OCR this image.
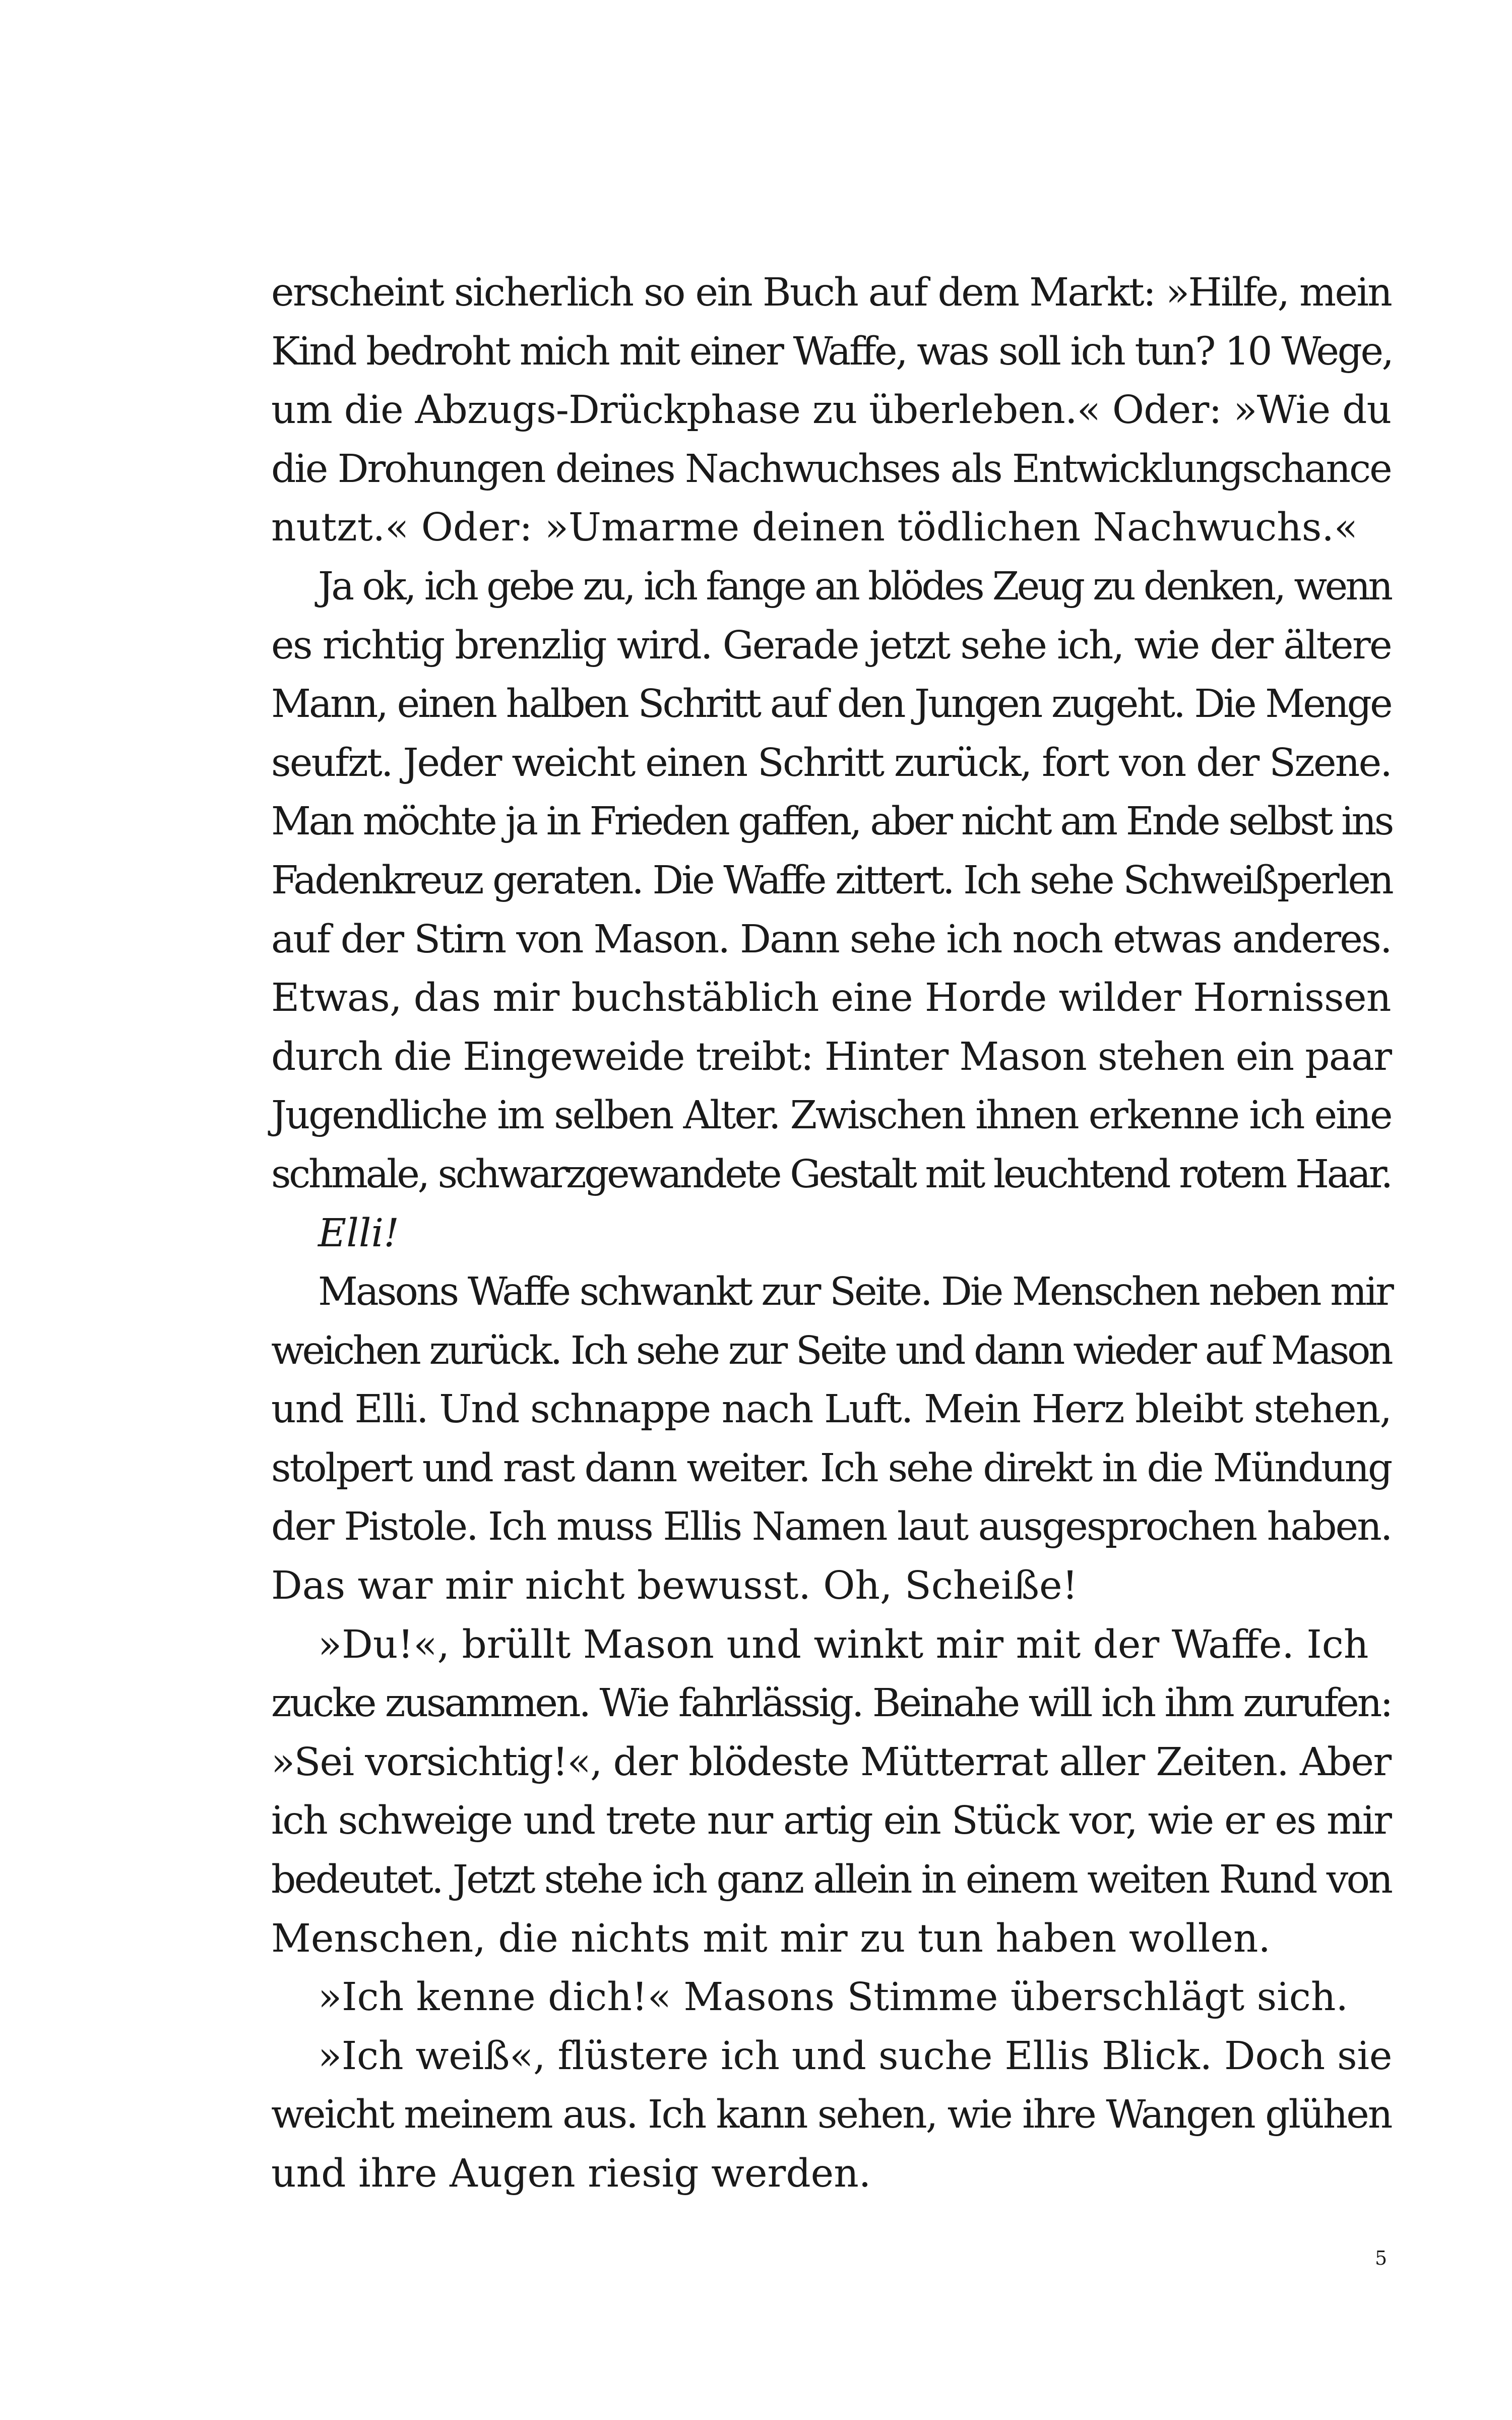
erscheint sicherlich so ein Buch auf dem Markt: »Hilfe, mein
Kind bedroht mich mit einer Waffe, was soll ich tun? 10 Wege,
um die Abzugs-Drückphase zu überleben.« Oder: »Wie du
die Drohungen deines Nachwuchses als Entwicklungschance
nutzt.« Oder: »Umarme deinen tödlichen Nachwuchs.«
Ja ok, ich gebe zu, ich fange an blödes Zeug zu denken, wenn
es richtig brenzlig wird. Gerade jetzt sehe ich, wie der ältere
Mann, einen halben Schritt auf den Jungen zugeht. Die Menge
seufzt. Jeder weicht einen Schritt zurück, fort von der Szene.
Man möchte ja in Frieden gaffen, aber nicht am Ende selbst ins
Fadenkreuz geraten. Die Waffe zittert. Ich sehe Schweißperlen
auf der Stirn von Mason. Dann sehe ich noch etwas anderes.
Etwas, das mir buchstäblich eine Horde wilder Hornissen
durch die Eingeweide treibt: Hinter Mason stehen ein paar
Jugendliche im selben Alter. Zwischen ihnen erkenne ich eine
schmale, schwarzgewandete Gestalt mit leuchtend rotem Haar.
Elli!
Masons Waffe schwankt zur Seite. Die Menschen neben mir
weichen zurück. Ich sehe zur Seite und dann wieder auf Mason
und Elli. Und schnappe nach Luft. Mein Herz bleibt stehen,
stolpert und rast dann weiter. Ich sehe direkt in die Mündung
der Pistole. Ich muss Ellis Namen laut ausgesprochen haben.
Das war mir nicht bewusst. Oh, Scheiße!
»Du!«, brüllt Mason und winkt mir mit der Waffe. Ich
zucke zusammen. Wie fahrlässig. Beinahe will ich ihm zurufen:
»Sei vorsichtig!«, der blödeste Mütterrat aller Zeiten. Aber
ich schweige und trete nur artig ein Stück vor, wie er es mir
bedeutet. Jetzt stehe ich ganz allein in einem weiten Rund von
Menschen, die nichts mit mir zu tun haben wollen.
»Ich kenne dich!« Masons Stimme überschlägt sich.
»Ich weiß«, flüstere ich und suche Ellis Blick. Doch sie
weicht meinem aus. Ich kann sehen, wie ihre Wangen glühen
und ihre Augen riesig werden.
5
